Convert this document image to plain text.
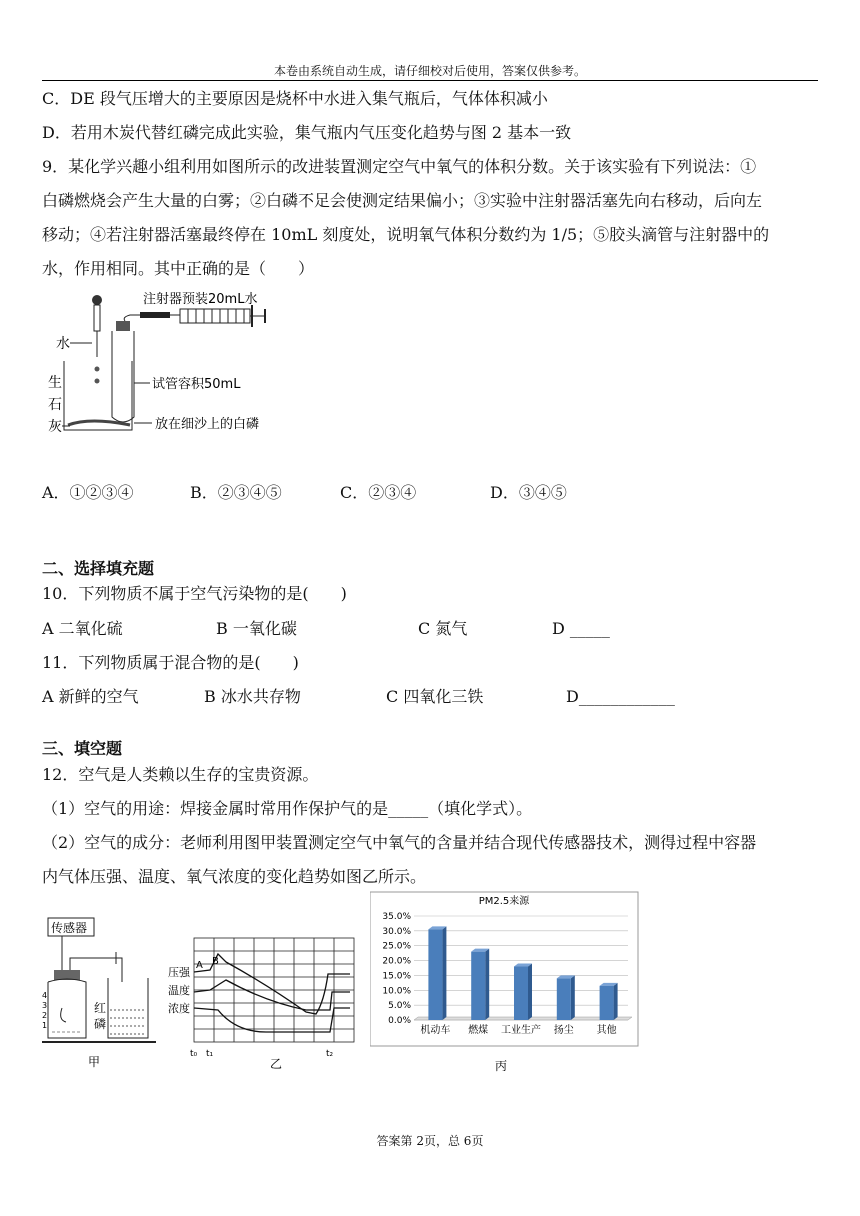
本卷由系统自动生成，请仔细校对后使用，答案仅供参考。
C．DE 段气压增大的主要原因是烧杯中水进入集气瓶后，气体体积减小
D．若用木炭代替红磷完成此实验，集气瓶内气压变化趋势与图 2 基本一致
9．某化学兴趣小组利用如图所示的改进装置测定空气中氧气的体积分数。关于该实验有下列说法：①
白磷燃烧会产生大量的白雾；②白磷不足会使测定结果偏小；③实验中注射器活塞先向右移动，后向左
移动；④若注射器活塞最终停在 10mL 刻度处，说明氧气体积分数约为 1/5；⑤胶头滴管与注射器中的
水，作用相同。其中正确的是（　　）
水
注射器预装20mL水
试管容积50mL
生
石
灰	放在细沙上的白磷
A．①②③④	B．②③④⑤	C．②③④	D．③④⑤
二、选择填充题
10．下列物质不属于空气污染物的是(　　)
A 二氧化硫	B 一氧化碳	C 氮气	D _____
11．下列物质属于混合物的是(　　)
A 新鲜的空气	B 冰水共存物	C 四氧化三铁	D____________
三、填空题
12．空气是人类赖以生存的宝贵资源。
（1）空气的用途：焊接金属时常用作保护气的是_____（填化学式）。
（2）空气的成分：老师利用图甲装置测定空气中氧气的含量并结合现代传感器技术，测得过程中容器
内气体压强、温度、氧气浓度的变化趋势如图乙所示。
传感器
4
3
2
1
红
磷
甲
压强
温度
浓度
A B
t₀ t₁	t₂
乙
PM2.5来源
0.0%
5.0%
10.0%
15.0%
20.0%
25.0%
30.0%
35.0%
机动车 燃煤 工业生产 扬尘 其他
丙
答案第 2页，总 6页
